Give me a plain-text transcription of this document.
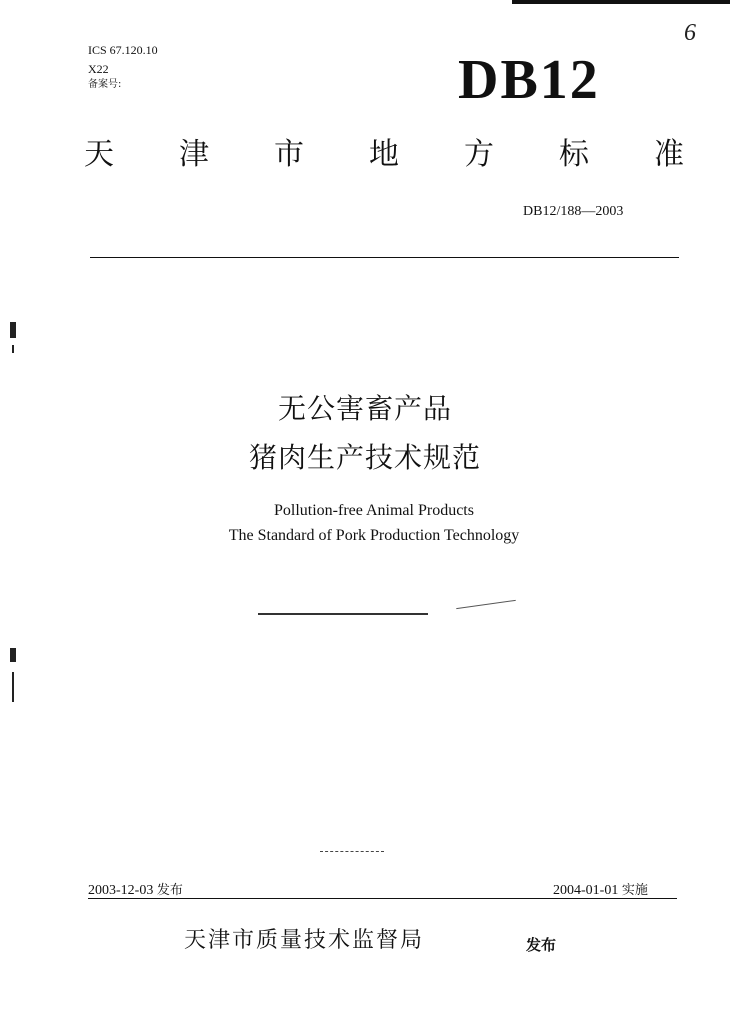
ICS 67.120.10
X22
备案号:
6
DB12
天 津 市 地 方 标 准
DB12/188—2003
无公害畜产品
猪肉生产技术规范
Pollution-free Animal Products
The Standard of Pork Production Technology
2003-12-03 发布	2004-01-01 实施
天津市质量技术监督局	发布
